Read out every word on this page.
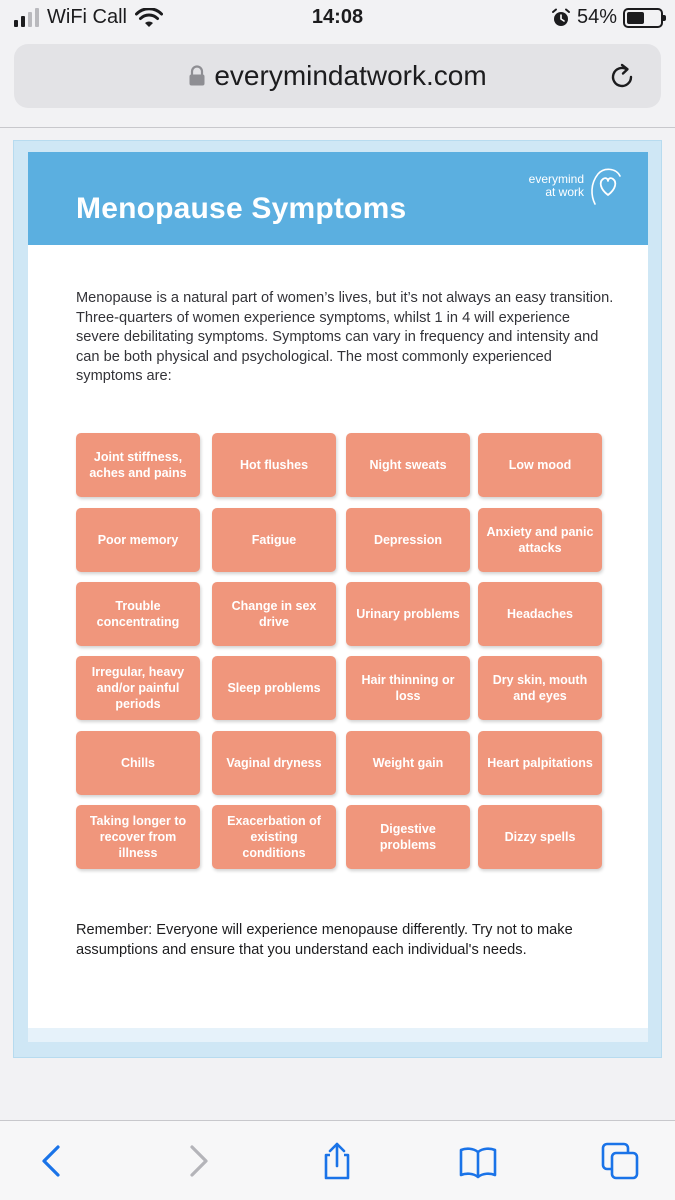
WiFi Call	14:08	54%
everymindatwork.com
Menopause Symptoms
everymind
at work

Menopause is a natural part of women’s lives, but it’s not always an easy transition. Three-quarters of women experience symptoms, whilst 1 in 4 will experience severe debilitating symptoms. Symptoms can vary in frequency and intensity and can be both physical and psychological. The most commonly experienced symptoms are:

Joint stiffness, aches and pains
Hot flushes	Night sweats	Low mood
Poor memory	Fatigue	Depression
Anxiety and panic attacks
Trouble concentrating
Change in sex drive
Urinary problems	Headaches
Irregular, heavy and/or painful periods
Sleep problems
Hair thinning or loss
Dry skin, mouth and eyes
Chills	Vaginal dryness	Weight gain	Heart palpitations
Taking longer to recover from illness
Exacerbation of existing conditions
Digestive problems
Dizzy spells

Remember: Everyone will experience menopause differently. Try not to make assumptions and ensure that you understand each individual's needs.
